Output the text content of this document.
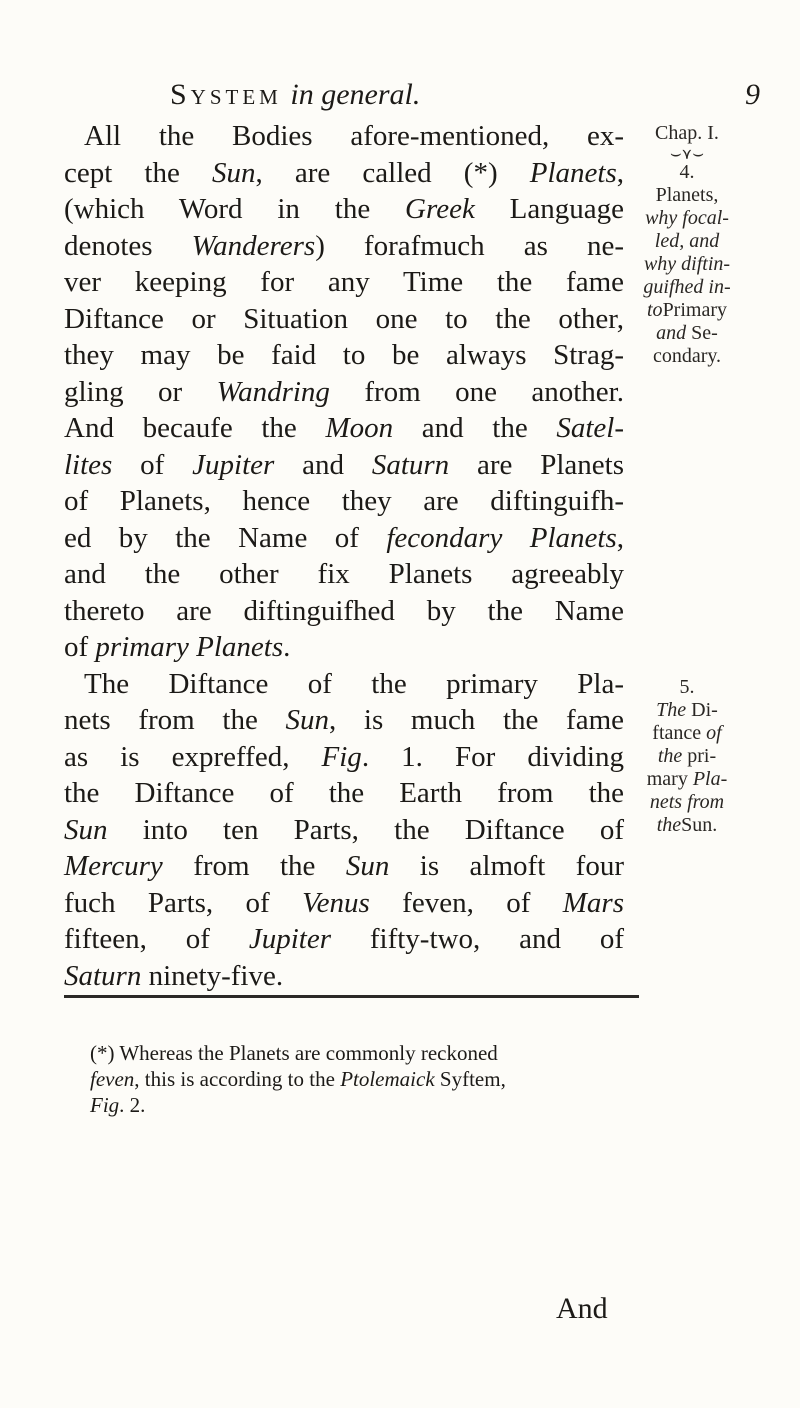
System in general.	9
All the Bodies afore-mentioned, ex-
cept the Sun, are called (*) Planets,
(which Word in the Greek Language
denotes Wanderers) forafmuch as ne-
ver keeping for any Time the fame
Diftance or Situation one to the other,
they may be faid to be always Strag-
gling or Wandring from one another.
And becaufe the Moon and the Satel-
lites of Jupiter and Saturn are Planets
of Planets, hence they are diftinguifh-
ed by the Name of fecondary Planets,
and the other fix Planets agreeably
thereto are diftinguifhed by the Name
of primary Planets.
The Diftance of the primary Pla-
nets from the Sun, is much the fame
as is expreffed, Fig. 1. For dividing
the Diftance of the Earth from the
Sun into ten Parts, the Diftance of
Mercury from the Sun is almoft four
fuch Parts, of Venus feven, of Mars
fifteen, of Jupiter fifty-two, and of
Saturn ninety-five.
Chap. I.
⌣⋎⌣
4.
Planets,
why focal-
led, and
why diftin-
guifhed in-
toPrimary
and Se-
condary.
5.
The Di-
ftance of
the pri-
mary Pla-
nets from
theSun.
(*) Whereas the Planets are commonly reckoned
feven, this is according to the Ptolemaick Syftem,
Fig. 2.
And
